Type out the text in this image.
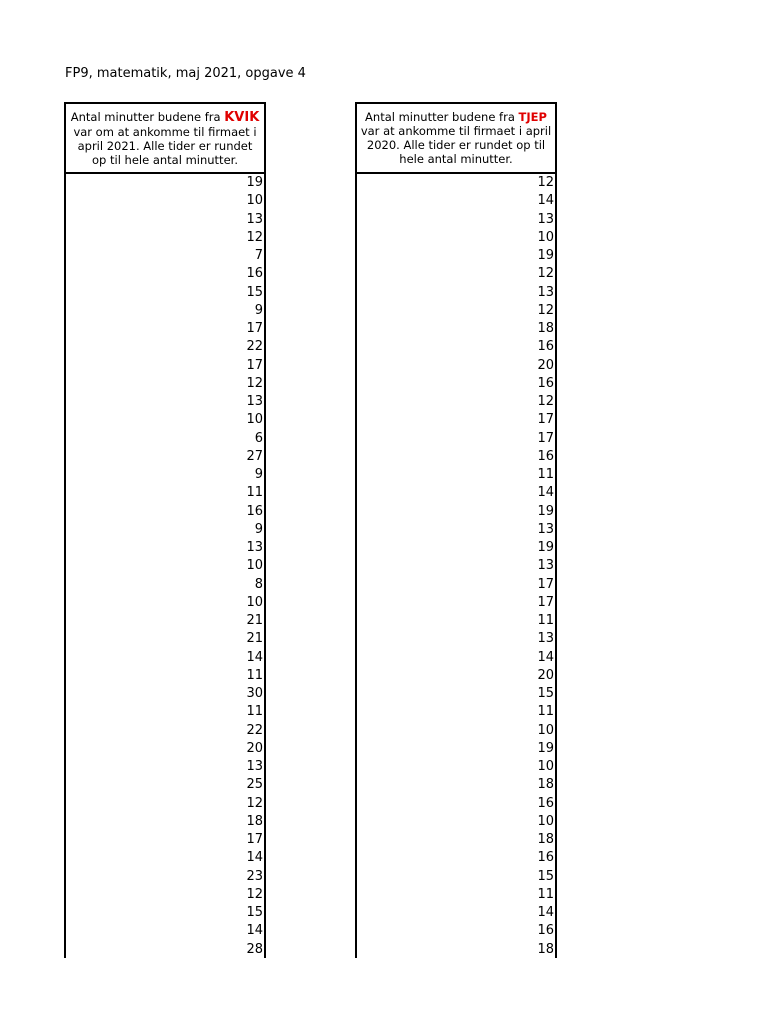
FP9, matematik, maj 2021, opgave 4
Antal minutter budene fra KVIK var om at ankomme til firmaet i april 2021. Alle tider er rundet op til hele antal minutter.
19
10
13
12
7
16
15
9
17
22
17
12
13
10
6
27
9
11
16
9
13
10
8
10
21
21
14
11
30
11
22
20
13
25
12
18
17
14
23
12
15
14
28
Antal minutter budene fra TJEP var at ankomme til firmaet i april 2020. Alle tider er rundet op til hele antal minutter.
12
14
13
10
19
12
13
12
18
16
20
16
12
17
17
16
11
14
19
13
19
13
17
17
11
13
14
20
15
11
10
19
10
18
16
10
18
16
15
11
14
16
18
